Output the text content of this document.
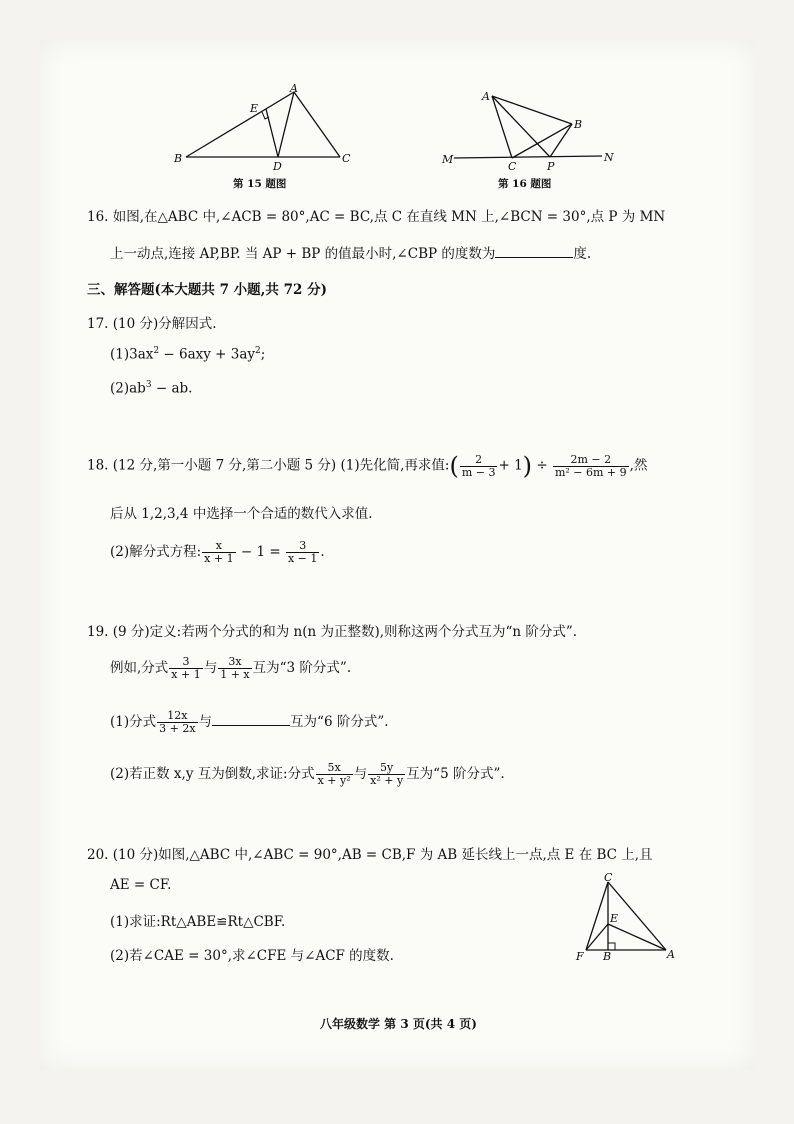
A
B	C
D
E
第 15 题图
A
B
C	P
M	N
第 16 题图
16. 如图,在△ABC 中,∠ACB = 80°,AC = BC,点 C 在直线 MN 上,∠BCN = 30°,点 P 为 MN
上一动点,连接 AP,BP. 当 AP + BP 的值最小时,∠CBP 的度数为	度.
三、解答题(本大题共 7 小题,共 72 分)
17. (10 分)分解因式.
$(1)3ax^2 - 6axy + 3ay^2$;
$(2)ab^3$ − ab.
18. (12 分,第一小题 7 分,第二小题 5 分) (1)先化简,再求值:( $\frac{2}{m - 3} + 1) \div \frac{2m - 2}{\text{m² − 6m + 9}}$ ,然
后从 1,2,3,4 中选择一个合适的数代入求值.
(2)解分式方程: $\frac{x}{x + 1} - 1 = \frac{3}{x - 1}$ .
19. (9 分)定义:若两个分式的和为 n(n 为正整数),则称这两个分式互为“n 阶分式”.
例如,分式 $\frac{3}{x + 1}$ 与 $\frac{3x}{1 + x}$ 互为“3 阶分式”.
(1)分式 $\frac{12x}{3 + 2x}$ 与	互为“6 阶分式”.
(2)若正数 x,y 互为倒数,求证:分式 $\frac{5x}{\text{x + y²}}$ 与 $\frac{5y}{\text{x² + y}}$ 互为“5 阶分式”.
20. (10 分)如图,△ABC 中,∠ABC = 90°,AB = CB,F 为 AB 延长线上一点,点 E 在 BC 上,且
AE = CF.
(1)求证:Rt△ABE≌Rt△CBF.
(2)若∠CAE = 30°,求∠CFE 与∠ACF 的度数.
C
E
F B	A
八年级数学 第 3 页(共 4 页)
